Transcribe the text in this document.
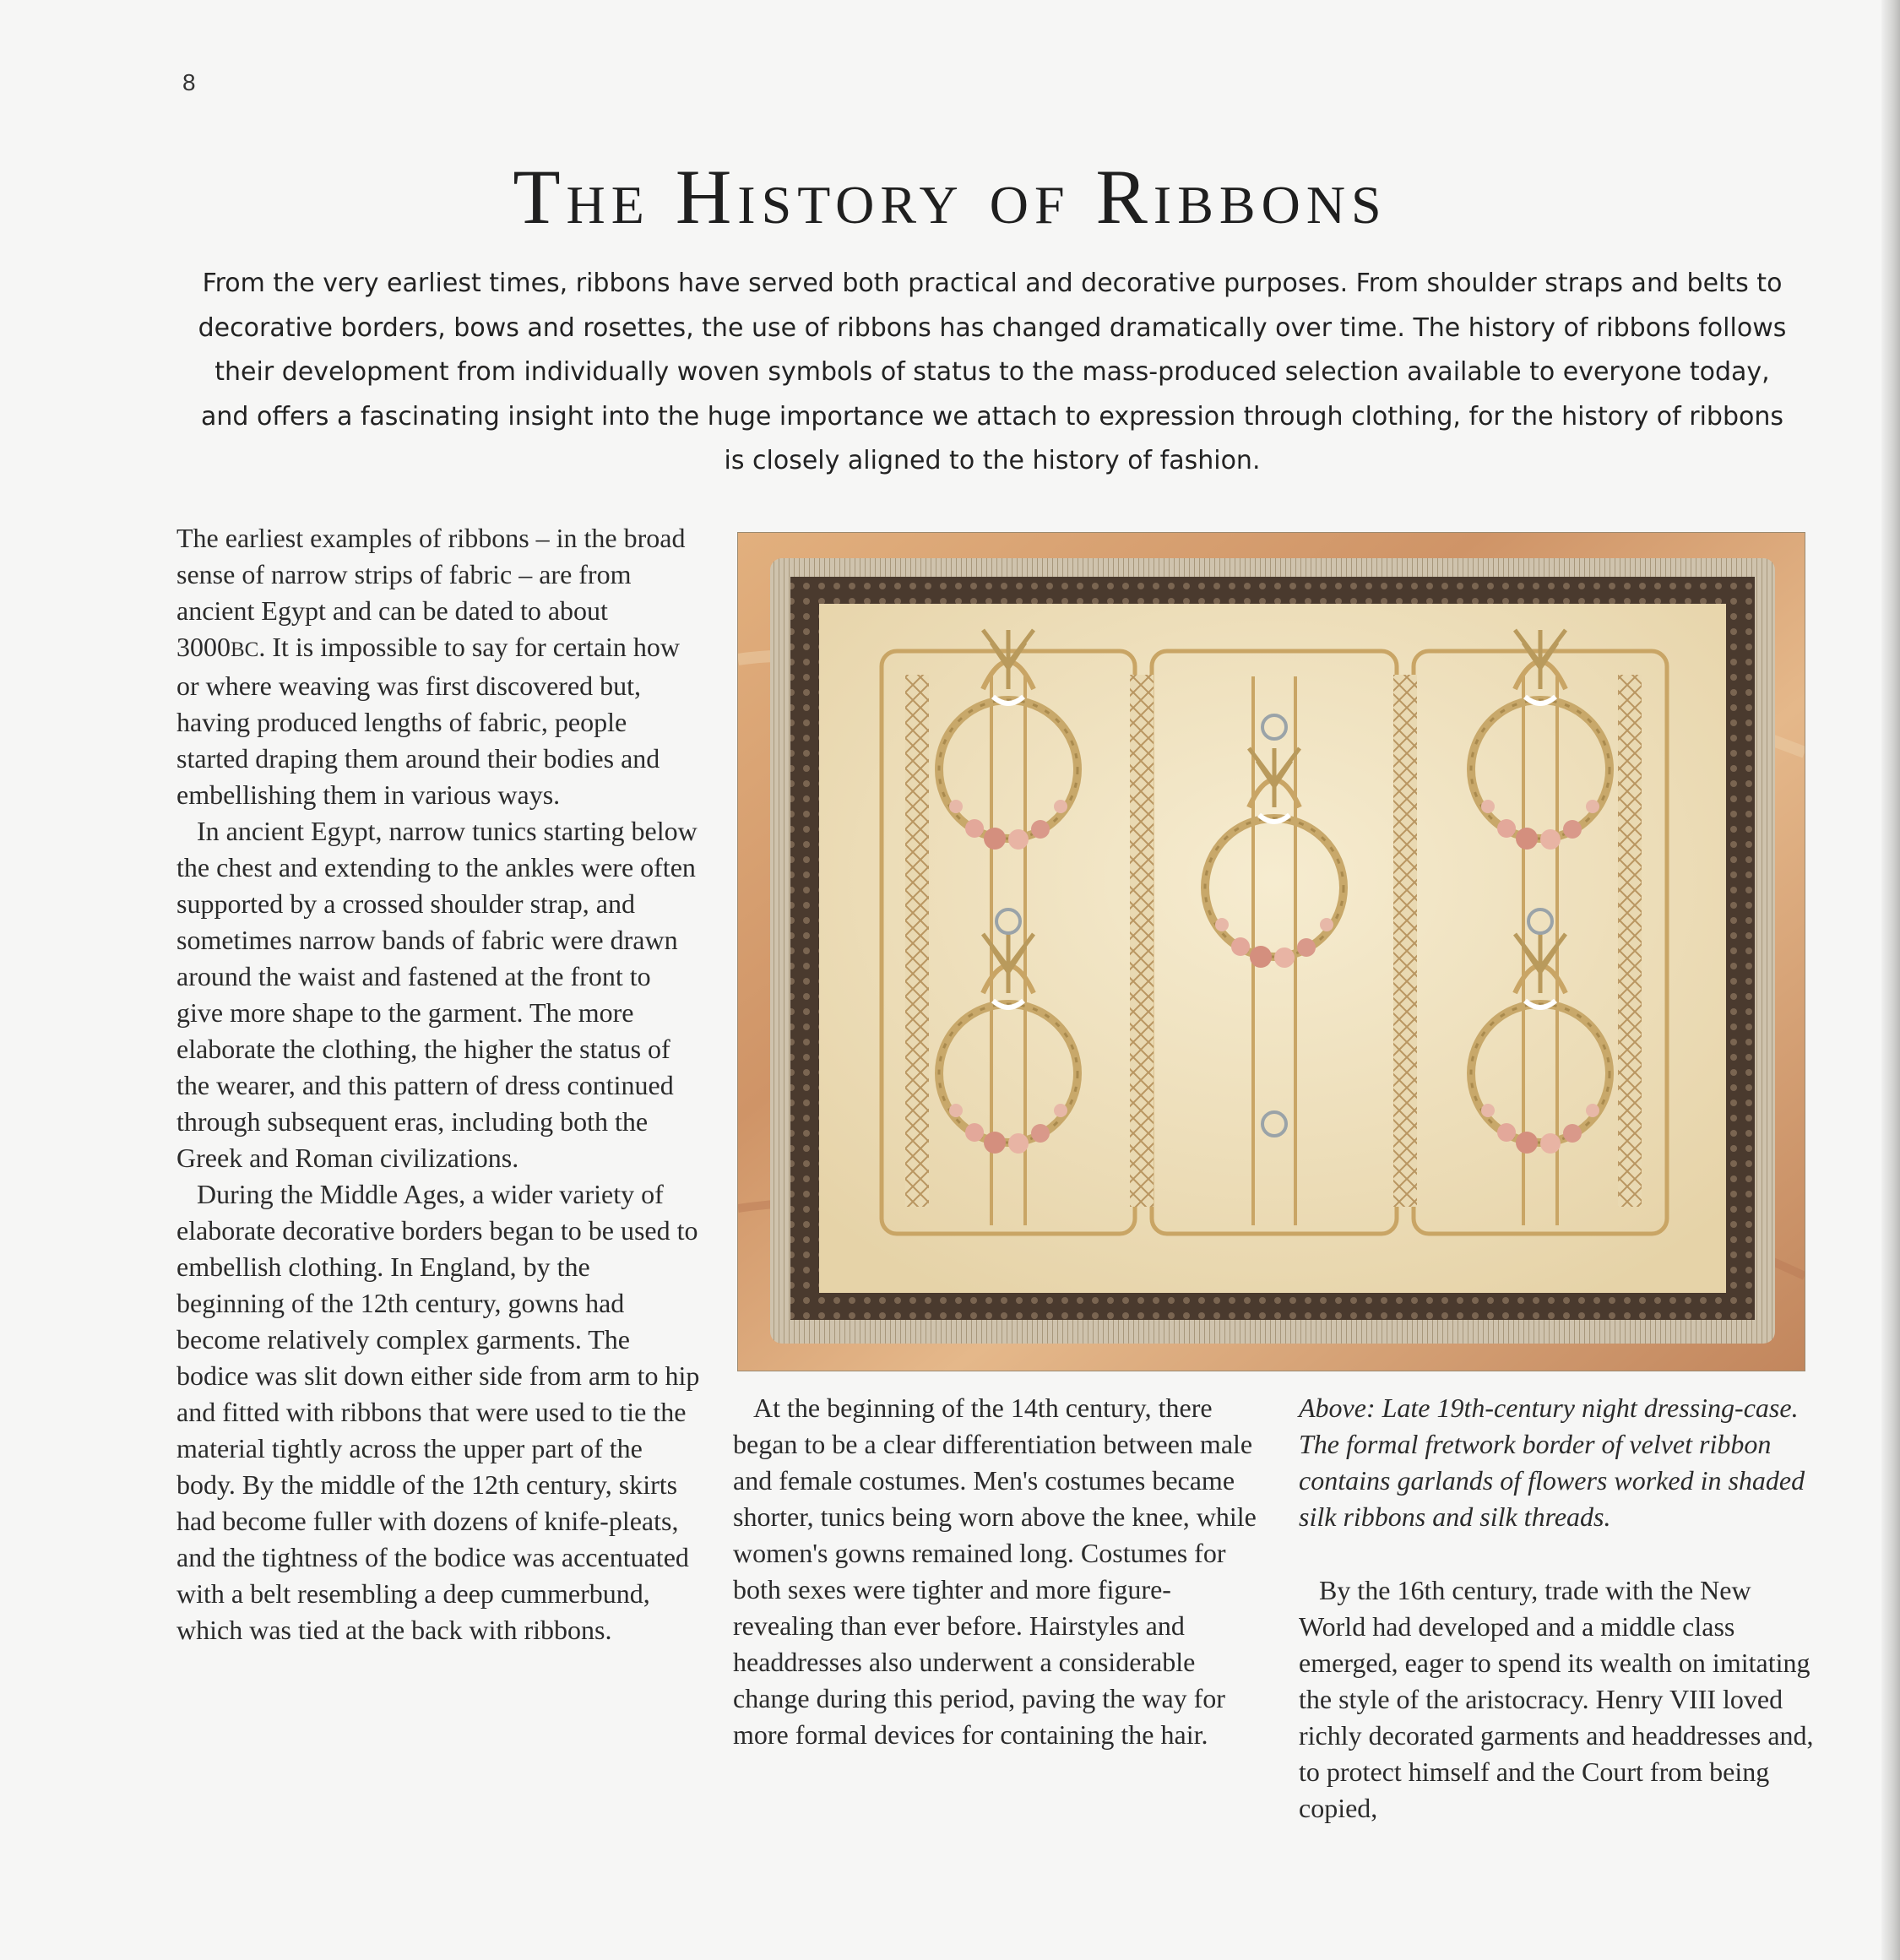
8
The History of Ribbons

From the very earliest times, ribbons have served both practical and decorative purposes. From shoulder straps and belts to decorative borders, bows and rosettes, the use of ribbons has changed dramatically over time. The history of ribbons follows their development from individually woven symbols of status to the mass-produced selection available to everyone today, and offers a fascinating insight into the huge importance we attach to expression through clothing, for the history of ribbons is closely aligned to the history of fashion.

The earliest examples of ribbons – in the broad sense of narrow strips of fabric – are from ancient Egypt and can be dated to about 3000BC. It is impossible to say for certain how or where weaving was first discovered but, having produced lengths of fabric, people started draping them around their bodies and embellishing them in various ways.

In ancient Egypt, narrow tunics starting below the chest and extending to the ankles were often supported by a crossed shoulder strap, and sometimes narrow bands of fabric were drawn around the waist and fastened at the front to give more shape to the garment. The more elaborate the clothing, the higher the status of the wearer, and this pattern of dress continued through subsequent eras, including both the Greek and Roman civilizations.

During the Middle Ages, a wider variety of elaborate decorative borders began to be used to embellish clothing. In England, by the beginning of the 12th century, gowns had become relatively complex garments. The bodice was slit down either side from arm to hip and fitted with ribbons that were used to tie the material tightly across the upper part of the body. By the middle of the 12th century, skirts had become fuller with dozens of knife-pleats, and the tightness of the bodice was accentuated with a belt resembling a deep cummerbund, which was tied at the back with ribbons.

At the beginning of the 14th century, there began to be a clear differentiation between male and female costumes. Men's costumes became shorter, tunics being worn above the knee, while women's gowns remained long. Costumes for both sexes were tighter and more figure-revealing than ever before. Hairstyles and headdresses also underwent a considerable change during this period, paving the way for more formal devices for containing the hair.

Above: Late 19th-century night dressing-case. The formal fretwork border of velvet ribbon contains garlands of flowers worked in shaded silk ribbons and silk threads.

By the 16th century, trade with the New World had developed and a middle class emerged, eager to spend its wealth on imitating the style of the aristocracy. Henry VIII loved richly decorated garments and headdresses and, to protect himself and the Court from being copied,
